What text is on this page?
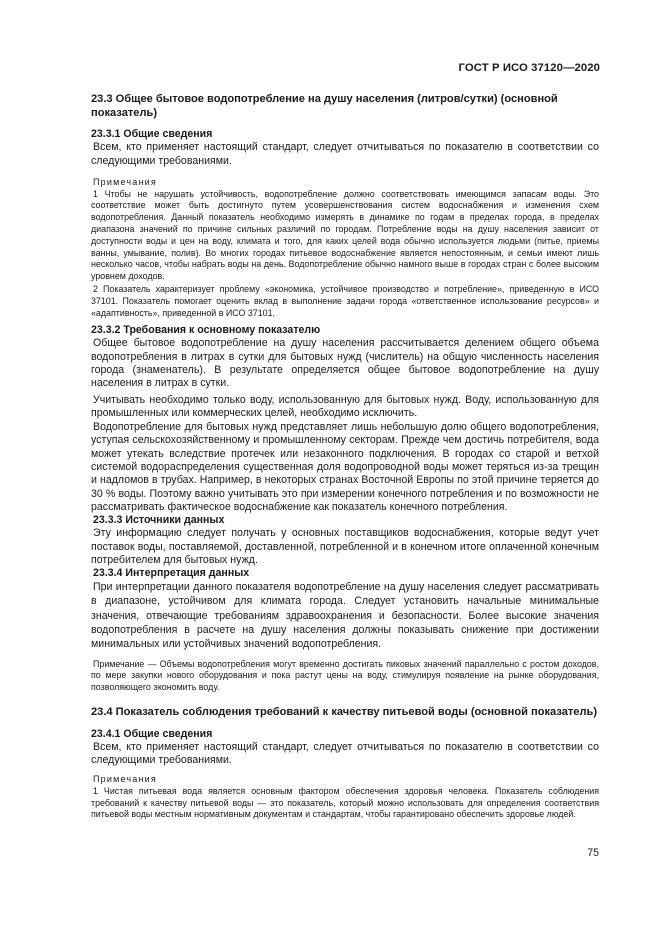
ГОСТ Р ИСО 37120—2020

23.3 Общее бытовое водопотребление на душу населения (литров/сутки) (основной показатель)

23.3.1 Общие сведения

Всем, кто применяет настоящий стандарт, следует отчитываться по показателю в соответствии со следующими требованиями.

Примечания

1 Чтобы не нарушать устойчивость, водопотребление должно соответствовать имеющимся запасам воды. Это соответствие может быть достигнуто путем усовершенствования систем водоснабжения и изменения схем водопотребления. Данный показатель необходимо измерять в динамике по годам в пределах города, в пределах диапазона значений по причине сильных различий по городам. Потребление воды на душу населения зависит от доступности воды и цен на воду, климата и того, для каких целей вода обычно используется людьми (питье, приемы ванны, умывание, полив). Во многих городах питьевое водоснабжение является непостоянным, и семьи имеют лишь несколько часов, чтобы набрать воды на день. Водопотребление обычно намного выше в городах стран с более высоким уровнем доходов.

2 Показатель характеризует проблему «экономика, устойчивое производство и потребление», приведенную в ИСО 37101. Показатель помогает оценить вклад в выполнение задачи города «ответственное использование ресурсов» и «адаптивность», приведенной в ИСО 37101.

23.3.2 Требования к основному показателю

Общее бытовое водопотребление на душу населения рассчитывается делением общего объема водопотребления в литрах в сутки для бытовых нужд (числитель) на общую численность населения города (знаменатель). В результате определяется общее бытовое водопотребление на душу населения в литрах в сутки.

Учитывать необходимо только воду, использованную для бытовых нужд. Воду, использованную для промышленных или коммерческих целей, необходимо исключить.

Водопотребление для бытовых нужд представляет лишь небольшую долю общего водопотребления, уступая сельскохозяйственному и промышленному секторам. Прежде чем достичь потребителя, вода может утекать вследствие протечек или незаконного подключения. В городах со старой и ветхой системой водораспределения существенная доля водопроводной воды может теряться из-за трещин и надломов в трубах. Например, в некоторых странах Восточной Европы по этой причине теряется до 30 % воды. Поэтому важно учитывать это при измерении конечного потребления и по возможности не рассматривать фактическое водоснабжение как показатель конечного потребления.

23.3.3 Источники данных

Эту информацию следует получать у основных поставщиков водоснабжения, которые ведут учет поставок воды, поставляемой, доставленной, потребленной и в конечном итоге оплаченной конечным потребителем для бытовых нужд.

23.3.4 Интерпретация данных

При интерпретации данного показателя водопотребление на душу населения следует рассматривать в диапазоне, устойчивом для климата города. Следует установить начальные минимальные значения, отвечающие требованиям здравоохранения и безопасности. Более высокие значения водопотребления в расчете на душу населения должны показывать снижение при достижении минимальных или устойчивых значений водопотребления.

Примечание — Объемы водопотребления могут временно достигать пиковых значений параллельно с ростом доходов, по мере закупки нового оборудования и пока растут цены на воду, стимулируя появление на рынке оборудования, позволяющего экономить воду.

23.4 Показатель соблюдения требований к качеству питьевой воды (основной показатель)

23.4.1 Общие сведения

Всем, кто применяет настоящий стандарт, следует отчитываться по показателю в соответствии со следующими требованиями.

Примечания

1 Чистая питьевая вода является основным фактором обеспечения здоровья человека. Показатель соблюдения требований к качеству питьевой воды — это показатель, который можно использовать для определения соответствия питьевой воды местным нормативным документам и стандартам, чтобы гарантировано обеспечить здоровье людей.

75
